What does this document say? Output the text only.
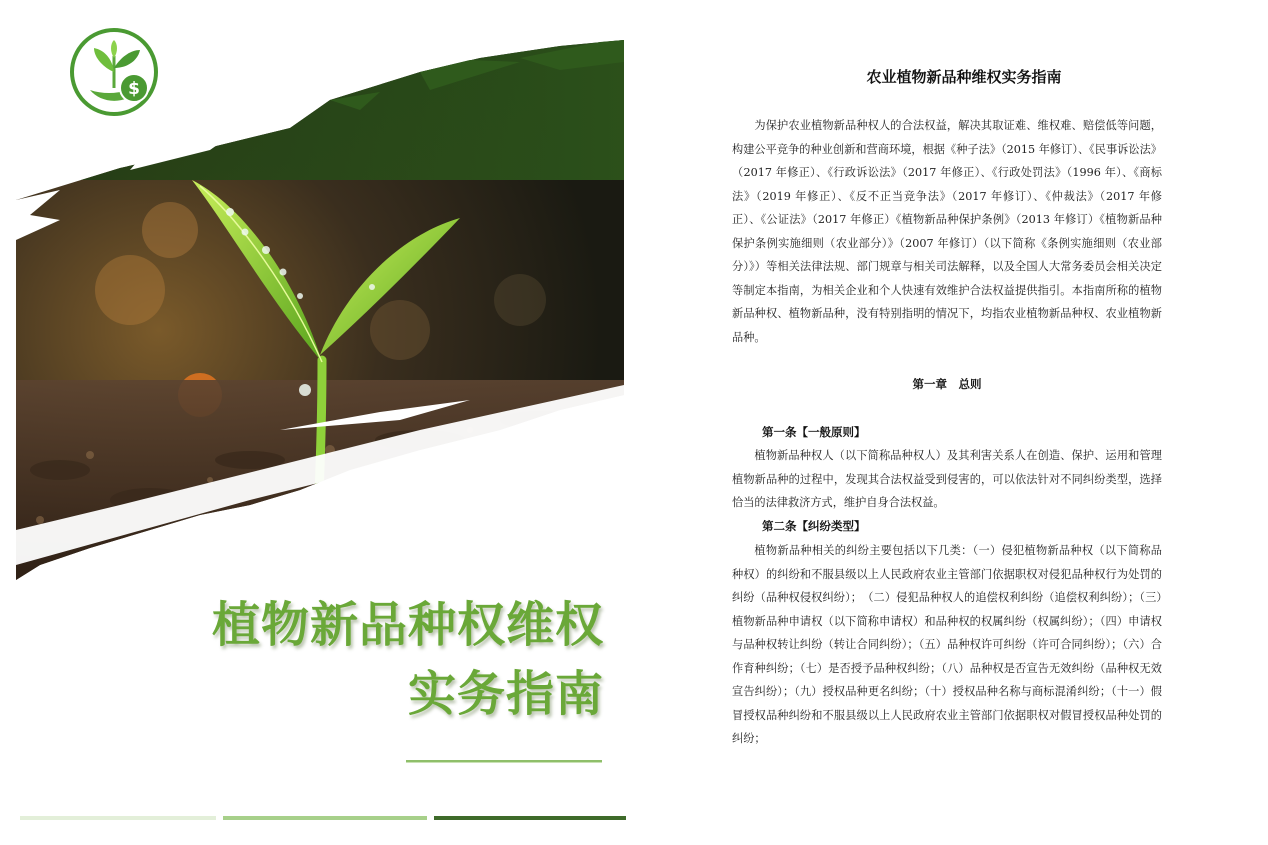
$
植物新品种权维权
实务指南
农业植物新品种维权实务指南

为保护农业植物新品种权人的合法权益，解决其取证难、维权难、赔偿低等问题，构建公平竞争的种业创新和营商环境，根据《种子法》（2015 年修订）、《民事诉讼法》（2017 年修正）、《行政诉讼法》（2017 年修正）、《行政处罚法》（1996 年）、《商标法》（2019 年修正）、《反不正当竞争法》（2017 年修订）、《仲裁法》（2017 年修正）、《公证法》（2017 年修正）《植物新品种保护条例》（2013 年修订）《植物新品种保护条例实施细则（农业部分）》（2007 年修订）（以下简称《条例实施细则（农业部分）》）等相关法律法规、部门规章与相关司法解释，以及全国人大常务委员会相关决定等制定本指南，为相关企业和个人快速有效维护合法权益提供指引。本指南所称的植物新品种权、植物新品种，没有特别指明的情况下，均指农业植物新品种权、农业植物新品种。

第一章　总则
第一条【一般原则】

植物新品种权人（以下简称品种权人）及其利害关系人在创造、保护、运用和管理植物新品种的过程中，发现其合法权益受到侵害的，可以依法针对不同纠纷类型，选择恰当的法律救济方式，维护自身合法权益。

第二条【纠纷类型】

植物新品种相关的纠纷主要包括以下几类：（一）侵犯植物新品种权（以下简称品种权）的纠纷和不服县级以上人民政府农业主管部门依据职权对侵犯品种权行为处罚的纠纷（品种权侵权纠纷）；　（二）侵犯品种权人的追偿权利纠纷（追偿权利纠纷）；（三）植物新品种申请权（以下简称申请权）和品种权的权属纠纷（权属纠纷）；（四）申请权与品种权转让纠纷（转让合同纠纷）；（五）品种权许可纠纷（许可合同纠纷）；（六）合作育种纠纷；（七）是否授予品种权纠纷；（八）品种权是否宣告无效纠纷（品种权无效宣告纠纷）；（九）授权品种更名纠纷；（十）授权品种名称与商标混淆纠纷；（十一）假冒授权品种纠纷和不服县级以上人民政府农业主管部门依据职权对假冒授权品种处罚的纠纷；
